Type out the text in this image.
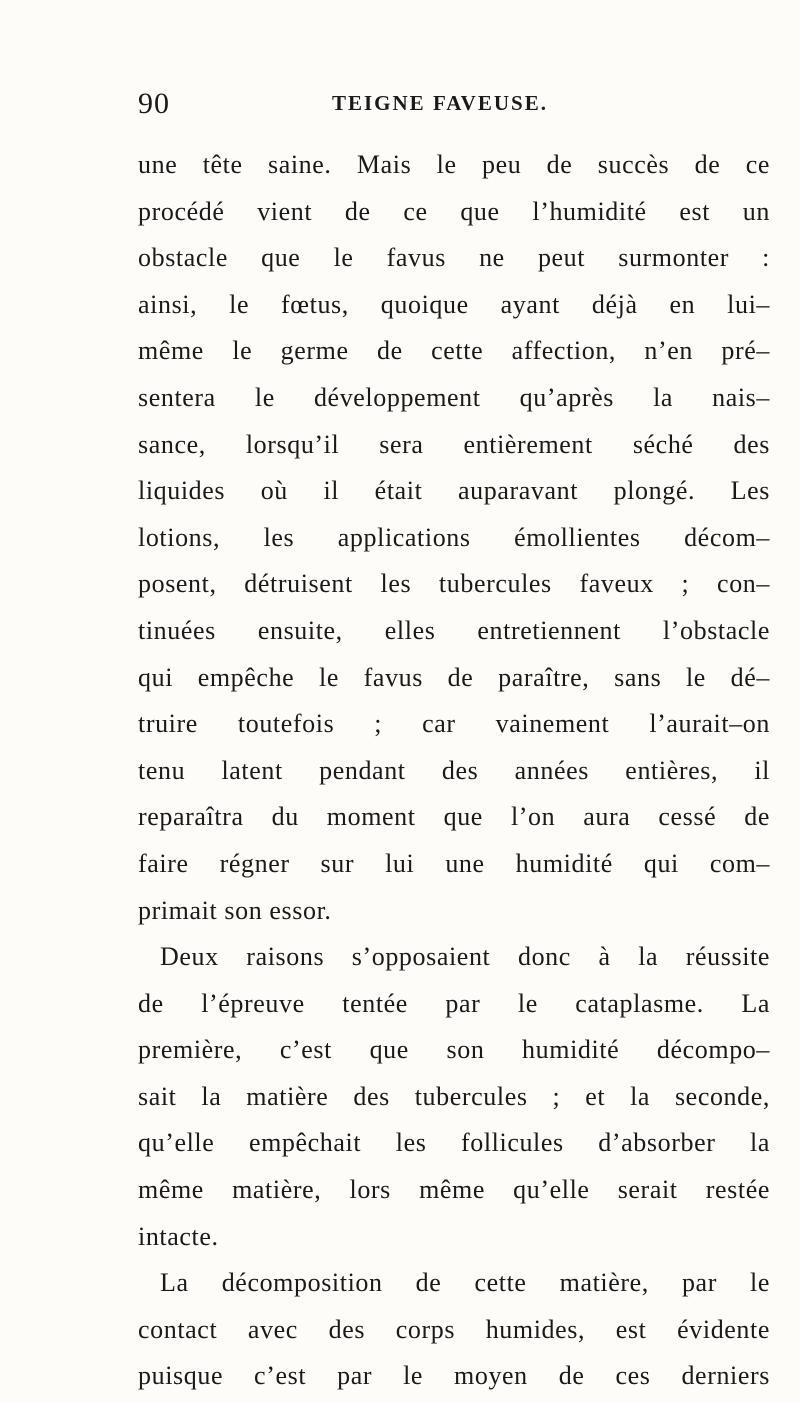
90	TEIGNE FAVEUSE.
une tête saine. Mais le peu de succès de ce
procédé vient de ce que l’humidité est un
obstacle que le favus ne peut surmonter :
ainsi, le fœtus, quoique ayant déjà en lui–
même le germe de cette affection, n’en pré–
sentera le développement qu’après la nais–
sance, lorsqu’il sera entièrement séché des
liquides où il était auparavant plongé. Les
lotions, les applications émollientes décom–
posent, détruisent les tubercules faveux ; con–
tinuées ensuite, elles entretiennent l’obstacle
qui empêche le favus de paraître, sans le dé–
truire toutefois ; car vainement l’aurait–on
tenu latent pendant des années entières, il
reparaîtra du moment que l’on aura cessé de
faire régner sur lui une humidité qui com–
primait son essor.
Deux raisons s’opposaient donc à la réussite
de l’épreuve tentée par le cataplasme. La
première, c’est que son humidité décompo–
sait la matière des tubercules ; et la seconde,
qu’elle empêchait les follicules d’absorber la
même matière, lors même qu’elle serait restée
intacte.
La décomposition de cette matière, par le
contact avec des corps humides, est évidente
puisque c’est par le moyen de ces derniers
